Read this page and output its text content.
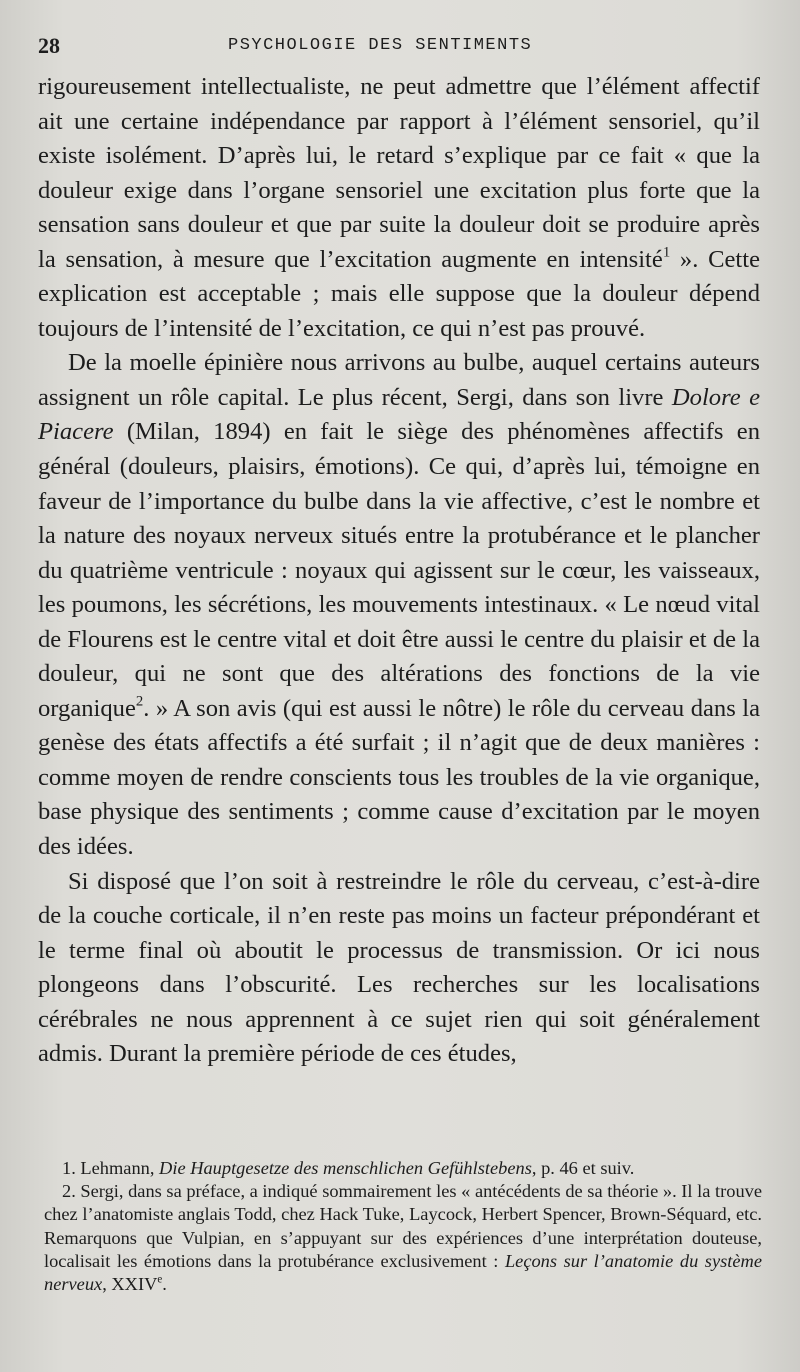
28	PSYCHOLOGIE DES SENTIMENTS

rigoureusement intellectualiste, ne peut admettre que l’élément affectif ait une certaine indépendance par rapport à l’élément sensoriel, qu’il existe isolément. D’après lui, le retard s’explique par ce fait « que la douleur exige dans l’organe sensoriel une excitation plus forte que la sensation sans douleur et que par suite la douleur doit se produire après la sensation, à mesure que l’excitation augmente en intensité$^1$ ». Cette explication est acceptable ; mais elle suppose que la douleur dépend toujours de l’intensité de l’excitation, ce qui n’est pas prouvé.

De la moelle épinière nous arrivons au bulbe, auquel certains auteurs assignent un rôle capital. Le plus récent, Sergi, dans son livre Dolore e Piacere (Milan, 1894) en fait le siège des phénomènes affectifs en général (douleurs, plaisirs, émotions). Ce qui, d’après lui, témoigne en faveur de l’importance du bulbe dans la vie affective, c’est le nombre et la nature des noyaux nerveux situés entre la protubérance et le plancher du quatrième ventricule : noyaux qui agissent sur le cœur, les vaisseaux, les poumons, les sécrétions, les mouvements intestinaux. « Le nœud vital de Flourens est le centre vital et doit être aussi le centre du plaisir et de la douleur, qui ne sont que des altérations des fonctions de la vie organique$^2$. » A son avis (qui est aussi le nôtre) le rôle du cerveau dans la genèse des états affectifs a été surfait ; il n’agit que de deux manières : comme moyen de rendre conscients tous les troubles de la vie organique, base physique des sentiments ; comme cause d’excitation par le moyen des idées.

Si disposé que l’on soit à restreindre le rôle du cerveau, c’est-à-dire de la couche corticale, il n’en reste pas moins un facteur prépondérant et le terme final où aboutit le processus de transmission. Or ici nous plongeons dans l’obscurité. Les recherches sur les localisations cérébrales ne nous apprennent à ce sujet rien qui soit généralement admis. Durant la première période de ces études,

1. Lehmann, Die Hauptgesetze des menschlichen Gefühlstebens, p. 46 et suiv.

2. Sergi, dans sa préface, a indiqué sommairement les « antécédents de sa théorie ». Il la trouve chez l’anatomiste anglais Todd, chez Hack Tuke, Laycock, Herbert Spencer, Brown-Séquard, etc. Remarquons que Vulpian, en s’appuyant sur des expériences d’une interprétation douteuse, localisait les émotions dans la protubérance exclusivement : Leçons sur l’anatomie du système nerveux, XXIVe.
